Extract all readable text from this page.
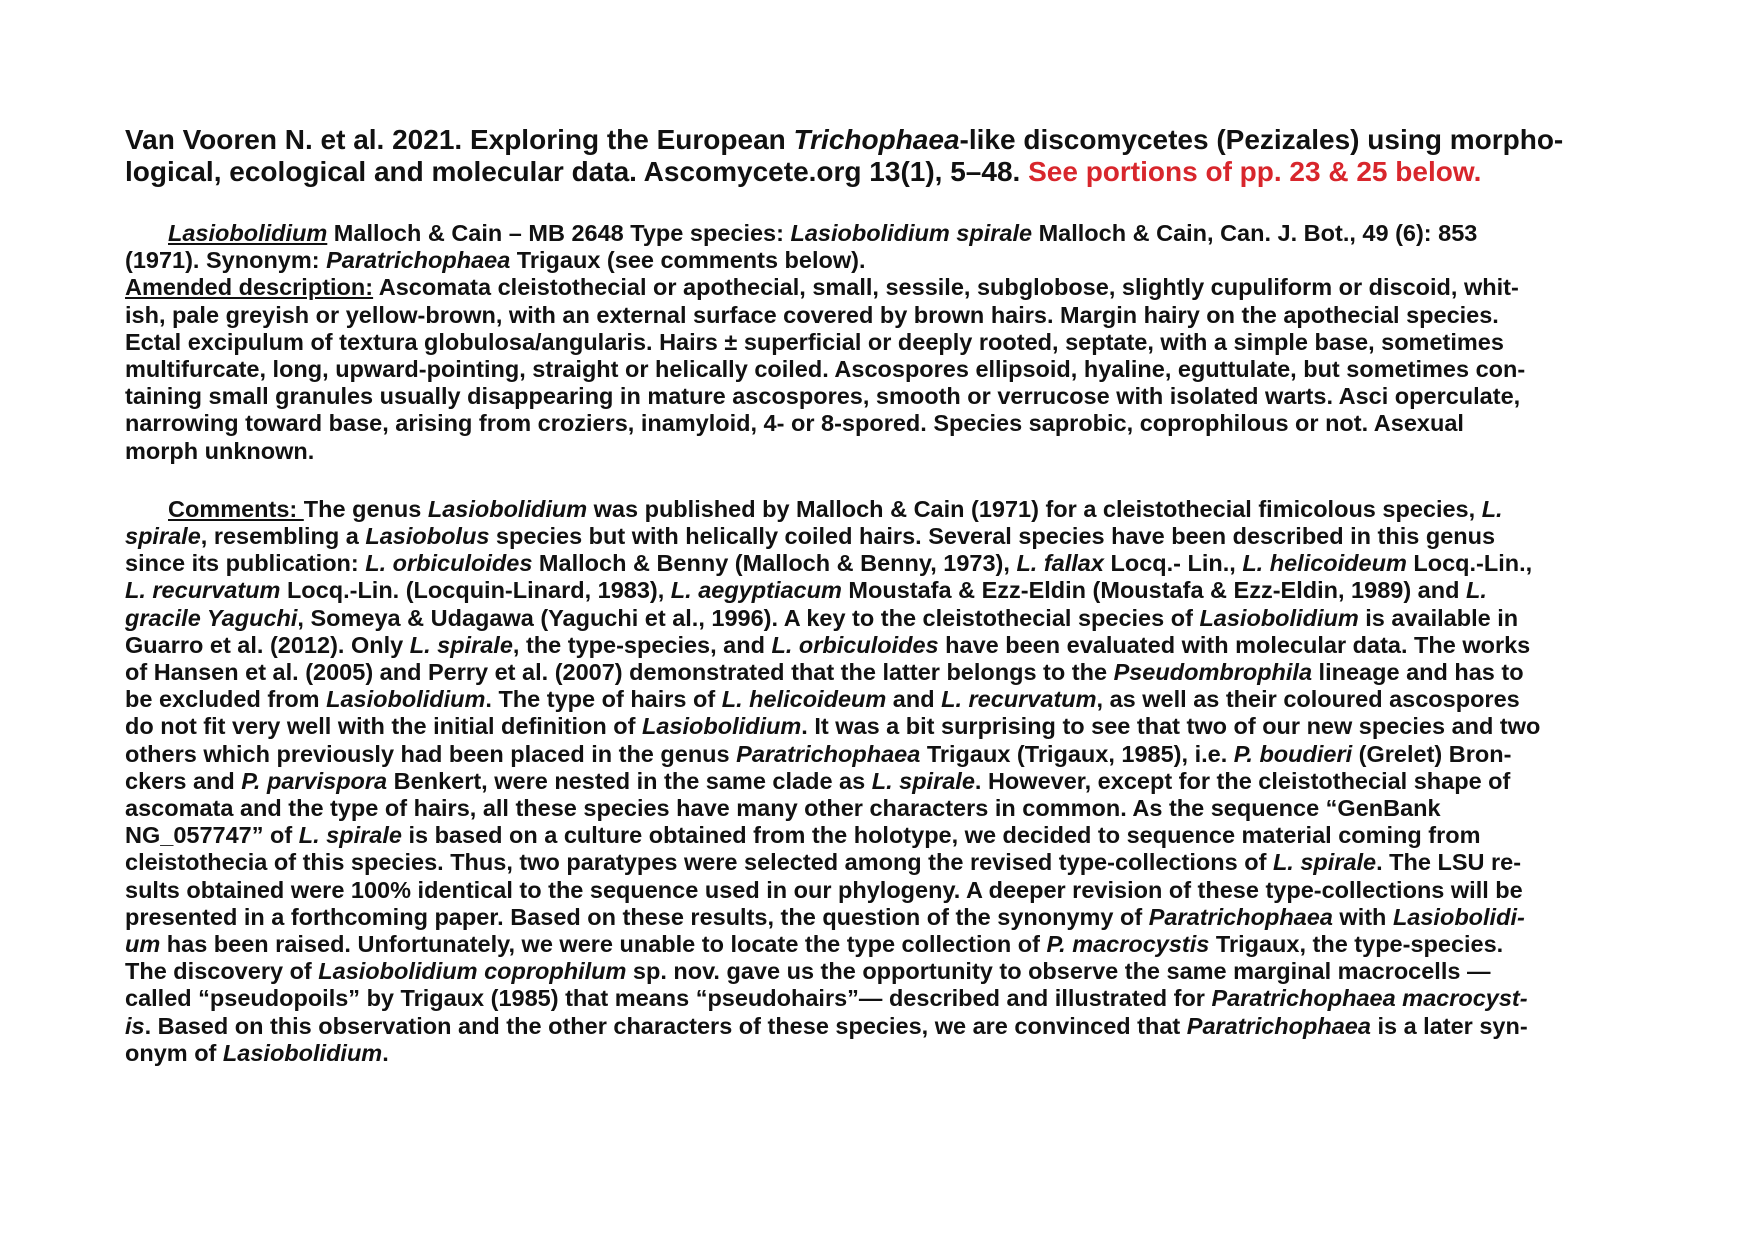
Van Vooren N. et al. 2021. Exploring the European Trichophaea-like discomycetes (Pezizales) using morpho-
logical, ecological and molecular data. Ascomycete.org 13(1), 5–48. See portions of pp. 23 & 25 below.
Lasiobolidium Malloch & Cain – MB 2648 Type species: Lasiobolidium spirale Malloch & Cain, Can. J. Bot., 49 (6): 853
(1971). Synonym: Paratrichophaea Trigaux (see comments below).
Amended description: Ascomata cleistothecial or apothecial, small, sessile, subglobose, slightly cupuliform or discoid, whit-
ish, pale greyish or yellow-brown, with an external surface covered by brown hairs. Margin hairy on the apothecial species.
Ectal excipulum of textura globulosa/angularis. Hairs ± superficial or deeply rooted, septate, with a simple base, sometimes
multifurcate, long, upward-pointing, straight or helically coiled. Ascospores ellipsoid, hyaline, eguttulate, but sometimes con-
taining small granules usually disappearing in mature ascospores, smooth or verrucose with isolated warts. Asci operculate,
narrowing toward base, arising from croziers, inamyloid, 4- or 8-spored. Species saprobic, coprophilous or not. Asexual
morph unknown.
Comments: The genus Lasiobolidium was published by Malloch & Cain (1971) for a cleistothecial fimicolous species, L.
spirale, resembling a Lasiobolus species but with helically coiled hairs. Several species have been described in this genus
since its publication: L. orbiculoides Malloch & Benny (Malloch & Benny, 1973), L. fallax Locq.- Lin., L. helicoideum Locq.-Lin.,
L. recurvatum Locq.-Lin. (Locquin-Linard, 1983), L. aegyptiacum Moustafa & Ezz-Eldin (Moustafa & Ezz-Eldin, 1989) and L.
gracile Yaguchi, Someya & Udagawa (Yaguchi et al., 1996). A key to the cleistothecial species of Lasiobolidium is available in
Guarro et al. (2012). Only L. spirale, the type-species, and L. orbiculoides have been evaluated with molecular data. The works
of Hansen et al. (2005) and Perry et al. (2007) demonstrated that the latter belongs to the Pseudombrophila lineage and has to
be excluded from Lasiobolidium. The type of hairs of L. helicoideum and L. recurvatum, as well as their coloured ascospores
do not fit very well with the initial definition of Lasiobolidium. It was a bit surprising to see that two of our new species and two
others which previously had been placed in the genus Paratrichophaea Trigaux (Trigaux, 1985), i.e. P. boudieri (Grelet) Bron-
ckers and P. parvispora Benkert, were nested in the same clade as L. spirale. However, except for the cleistothecial shape of
ascomata and the type of hairs, all these species have many other characters in common. As the sequence “GenBank
NG_057747” of L. spirale is based on a culture obtained from the holotype, we decided to sequence material coming from
cleistothecia of this species. Thus, two paratypes were selected among the revised type-collections of L. spirale. The LSU re-
sults obtained were 100% identical to the sequence used in our phylogeny. A deeper revision of these type-collections will be
presented in a forthcoming paper. Based on these results, the question of the synonymy of Paratrichophaea with Lasiobolidi-
um has been raised. Unfortunately, we were unable to locate the type collection of P. macrocystis Trigaux, the type-species.
The discovery of Lasiobolidium coprophilum sp. nov. gave us the opportunity to observe the same marginal macrocells —
called “pseudopoils” by Trigaux (1985) that means “pseudohairs”— described and illustrated for Paratrichophaea macrocyst-
is. Based on this observation and the other characters of these species, we are convinced that Paratrichophaea is a later syn-
onym of Lasiobolidium.
